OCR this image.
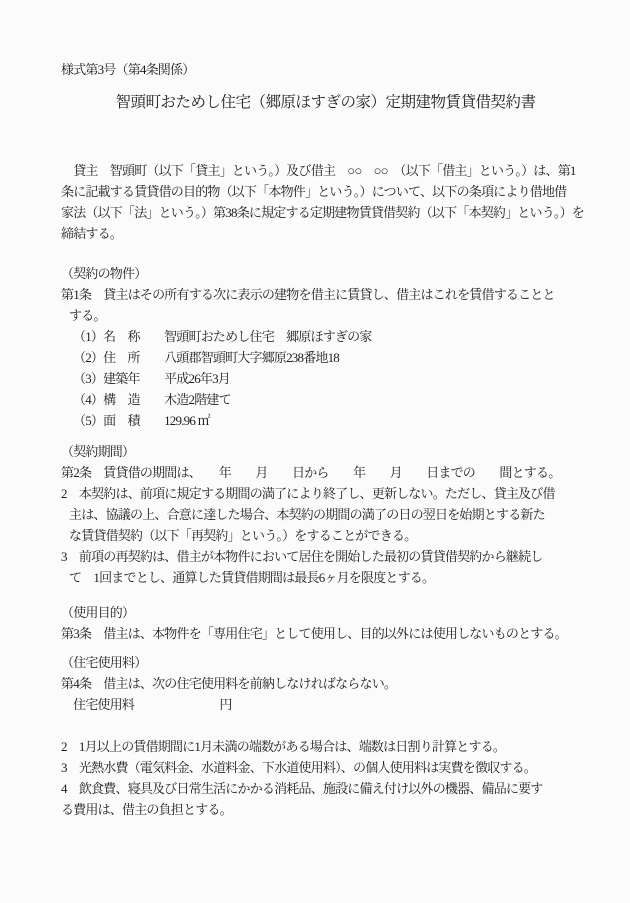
様式第3号（第4条関係）
智頭町おためし住宅（郷原ほすぎの家）定期建物賃貸借契約書
　貸主　智頭町（以下「貸主」という。）及び借主　○○　○○　（以下「借主」という。）は、第1
条に記載する賃貸借の目的物（以下「本物件」という。）について、以下の条項により借地借
家法（以下「法」という。）第38条に規定する定期建物賃貸借契約（以下「本契約」という。）を
締結する。
（契約の物件）
第1条　貸主はその所有する次に表示の建物を借主に賃貸し、借主はこれを賃借することと
する。
（1）名　称　　智頭町おためし住宅　郷原ほすぎの家
（2）住　所　　八頭郡智頭町大字郷原238番地18
（3）建築年　　平成26年3月
（4）構　造　　木造2階建て
（5）面　積　　129.96 ㎡
（契約期間）
第2条　賃貸借の期間は、　　年　　月　　日から　　年　　月　　日までの　　間とする。
2　本契約は、前項に規定する期間の満了により終了し、更新しない。ただし、貸主及び借
主は、協議の上、合意に達した場合、本契約の期間の満了の日の翌日を始期とする新た
な賃貸借契約（以下「再契約」という。）をすることができる。
3　前項の再契約は、借主が本物件において居住を開始した最初の賃貸借契約から継続し
て　1回までとし、通算した賃貸借期間は最長6ヶ月を限度とする。
（使用目的）
第3条　借主は、本物件を「専用住宅」として使用し、目的以外には使用しないものとする。
（住宅使用料）
第4条　借主は、次の住宅使用料を前納しなければならない。
住宅使用料　　　　　　　円
2　1月以上の賃借期間に1月未満の端数がある場合は、端数は日割り計算とする。
3　光熱水費（電気料金、水道料金、下水道使用料）、の個人使用料は実費を徴収する。
4　飲食費、寝具及び日常生活にかかる消耗品、施設に備え付け以外の機器、備品に要す
る費用は、借主の負担とする。
